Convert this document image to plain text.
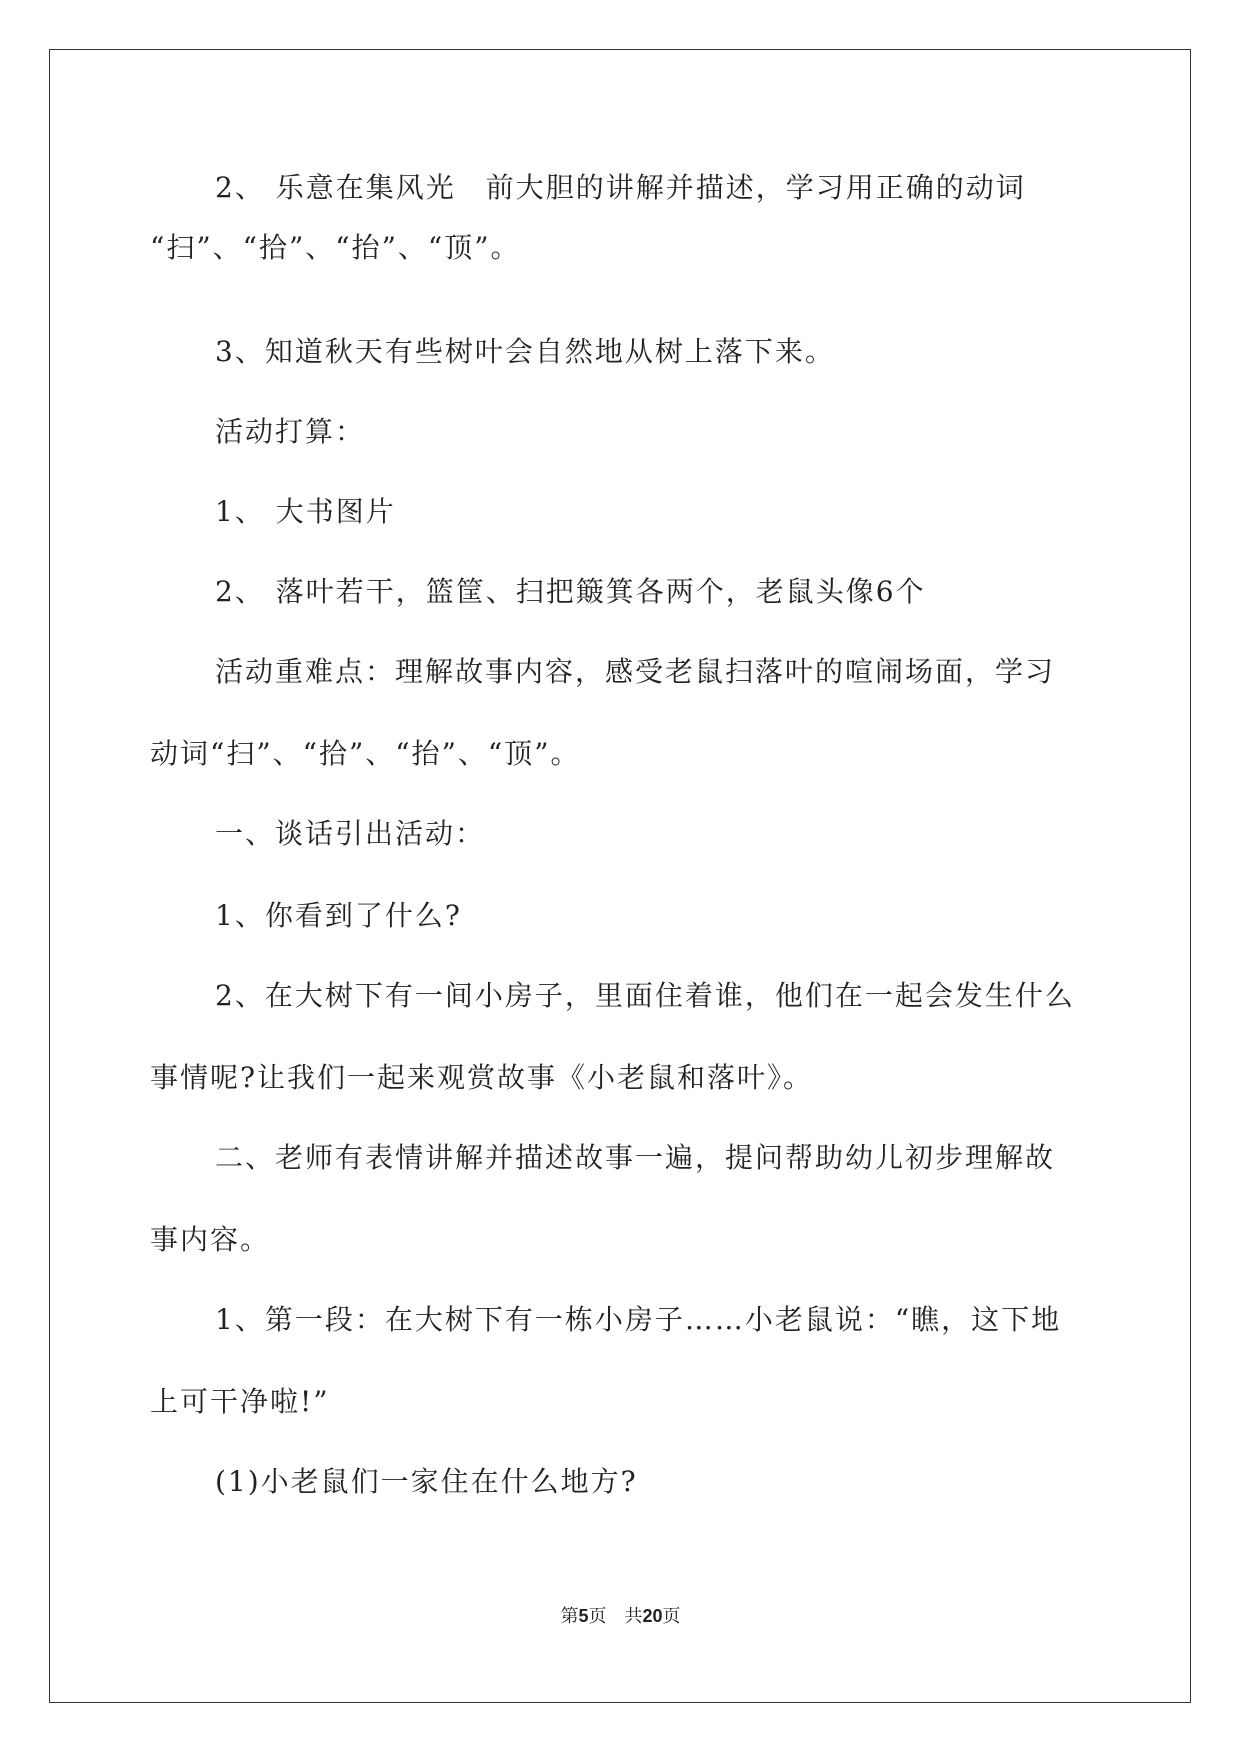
2、 乐意在集风光　前大胆的讲解并描述，学习用正确的动词
“扫”、“拾”、“抬”、“顶”。
3、知道秋天有些树叶会自然地从树上落下来。
活动打算：
1、 大书图片
2、 落叶若干，篮筐、扫把簸箕各两个，老鼠头像6个
活动重难点：理解故事内容，感受老鼠扫落叶的喧闹场面，学习
动词“扫”、“拾”、“抬”、“顶”。
一、谈话引出活动：
1、你看到了什么?
2、在大树下有一间小房子，里面住着谁，他们在一起会发生什么
事情呢?让我们一起来观赏故事《小老鼠和落叶》。
二、老师有表情讲解并描述故事一遍，提问帮助幼儿初步理解故
事内容。
1、第一段：在大树下有一栋小房子……小老鼠说：“瞧，这下地
上可干净啦!”
(1)小老鼠们一家住在什么地方?
第5页　共20页
